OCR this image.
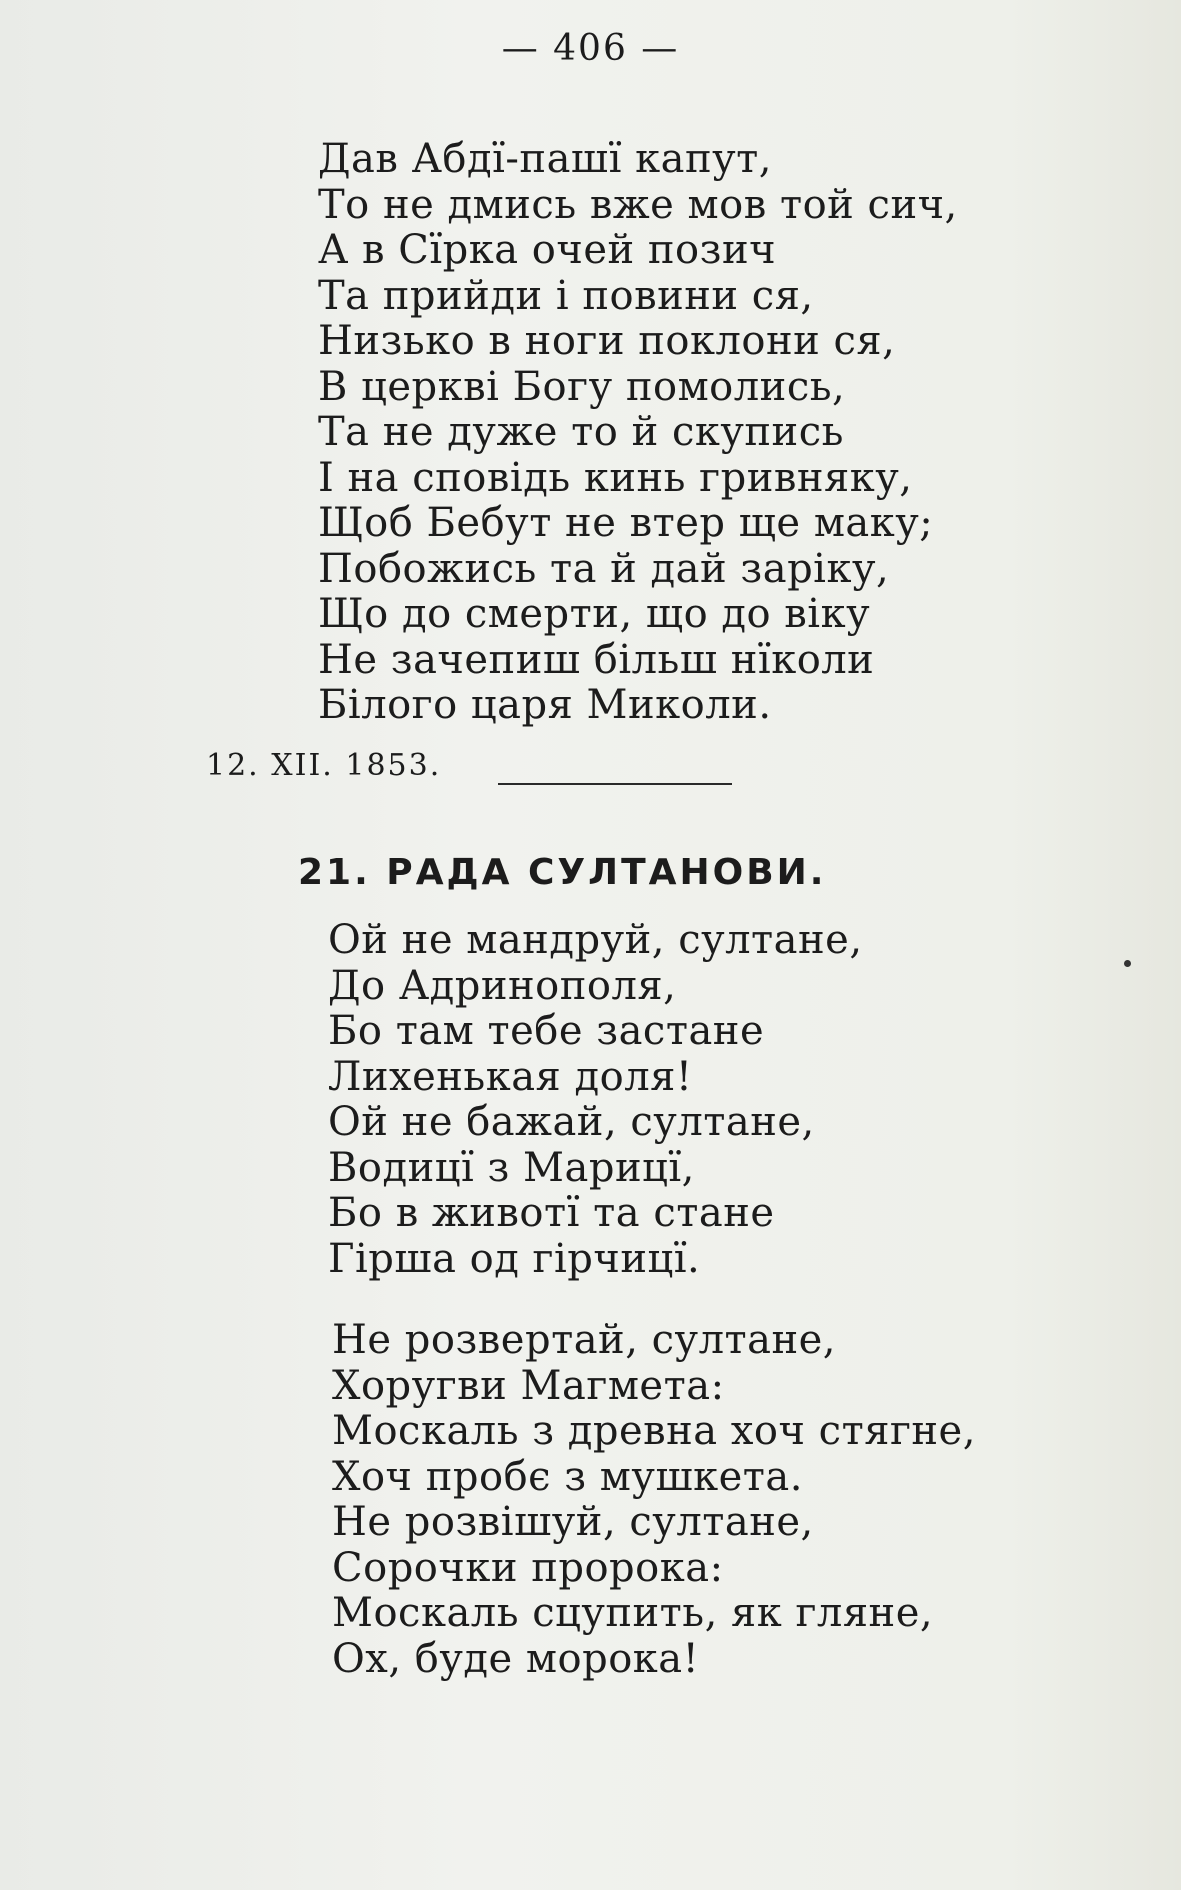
— 406 —
Дав Абдї-пашї капут,
То не дмись вже мов той сич,
А в Сїрка очей позич
Та прийди і повини ся,
Низько в ноги поклони ся,
В церкві Богу помолись,
Та не дуже то й скупись
І на сповідь кинь гривняку,
Щоб Бебут не втер ще маку;
Побожись та й дай заріку,
Що до смерти, що до віку
Не зачепиш більш нїколи
Білого царя Миколи.
12. XII. 1853.
21. РАДА СУЛТАНОВИ.
Ой не мандруй, султане,
До Адринополя,
Бо там тебе застане
Лихенькая доля!
Ой не бажай, султане,
Водицї з Марицї,
Бо в животї та стане
Гірша од гірчицї.
Не розвертай, султане,
Хоругви Магмета:
Москаль з древна хоч стягне,
Хоч пробє з мушкета.
Не розвішуй, султане,
Сорочки пророка:
Москаль сцупить, як гляне,
Ох, буде морока!
